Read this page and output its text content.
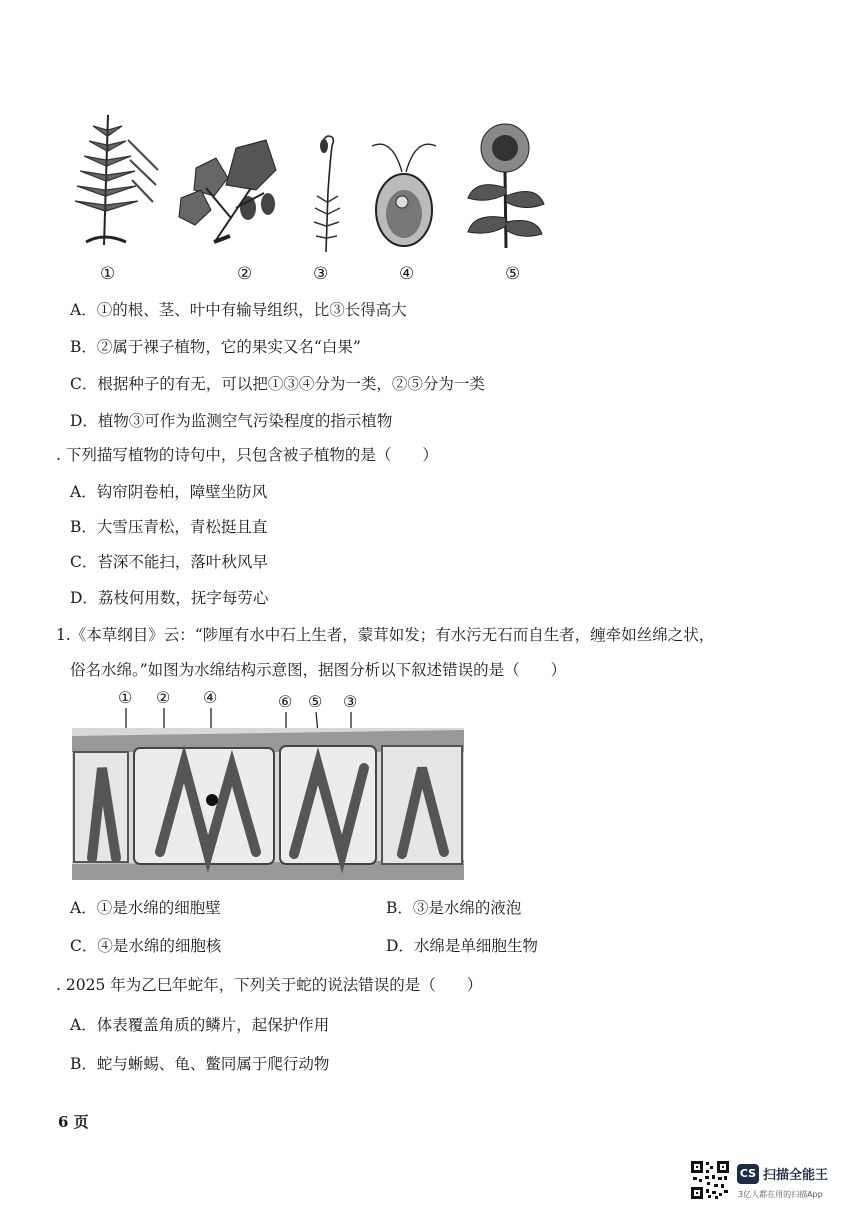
①	②	③	④	⑤
A．①的根、茎、叶中有输导组织，比③长得高大
B．②属于裸子植物，它的果实又名“白果”
C．根据种子的有无，可以把①③④分为一类，②⑤分为一类
D．植物③可作为监测空气污染程度的指示植物
. 下列描写植物的诗句中，只包含被子植物的是（　　）
A．钩帘阴卷柏，障壁坐防风
B．大雪压青松，青松挺且直
C．苔深不能扫，落叶秋风早
D．荔枝何用数，抚字每劳心
1.《本草纲目》云：“陟厘有水中石上生者，蒙茸如发；有水污无石而自生者，缠牵如丝绵之状，
俗名水绵。”如图为水绵结构示意图，据图分析以下叙述错误的是（　　）
① ② ④	⑥ ⑤ ③
A．①是水绵的细胞壁	B．③是水绵的液泡
C．④是水绵的细胞核	D．水绵是单细胞生物
. 2025 年为乙巳年蛇年，下列关于蛇的说法错误的是（　　）
A．体表覆盖角质的鳞片，起保护作用
B．蛇与蜥蜴、龟、鳖同属于爬行动物
6 页
CS 扫描全能王
3亿人都在用的扫描App
